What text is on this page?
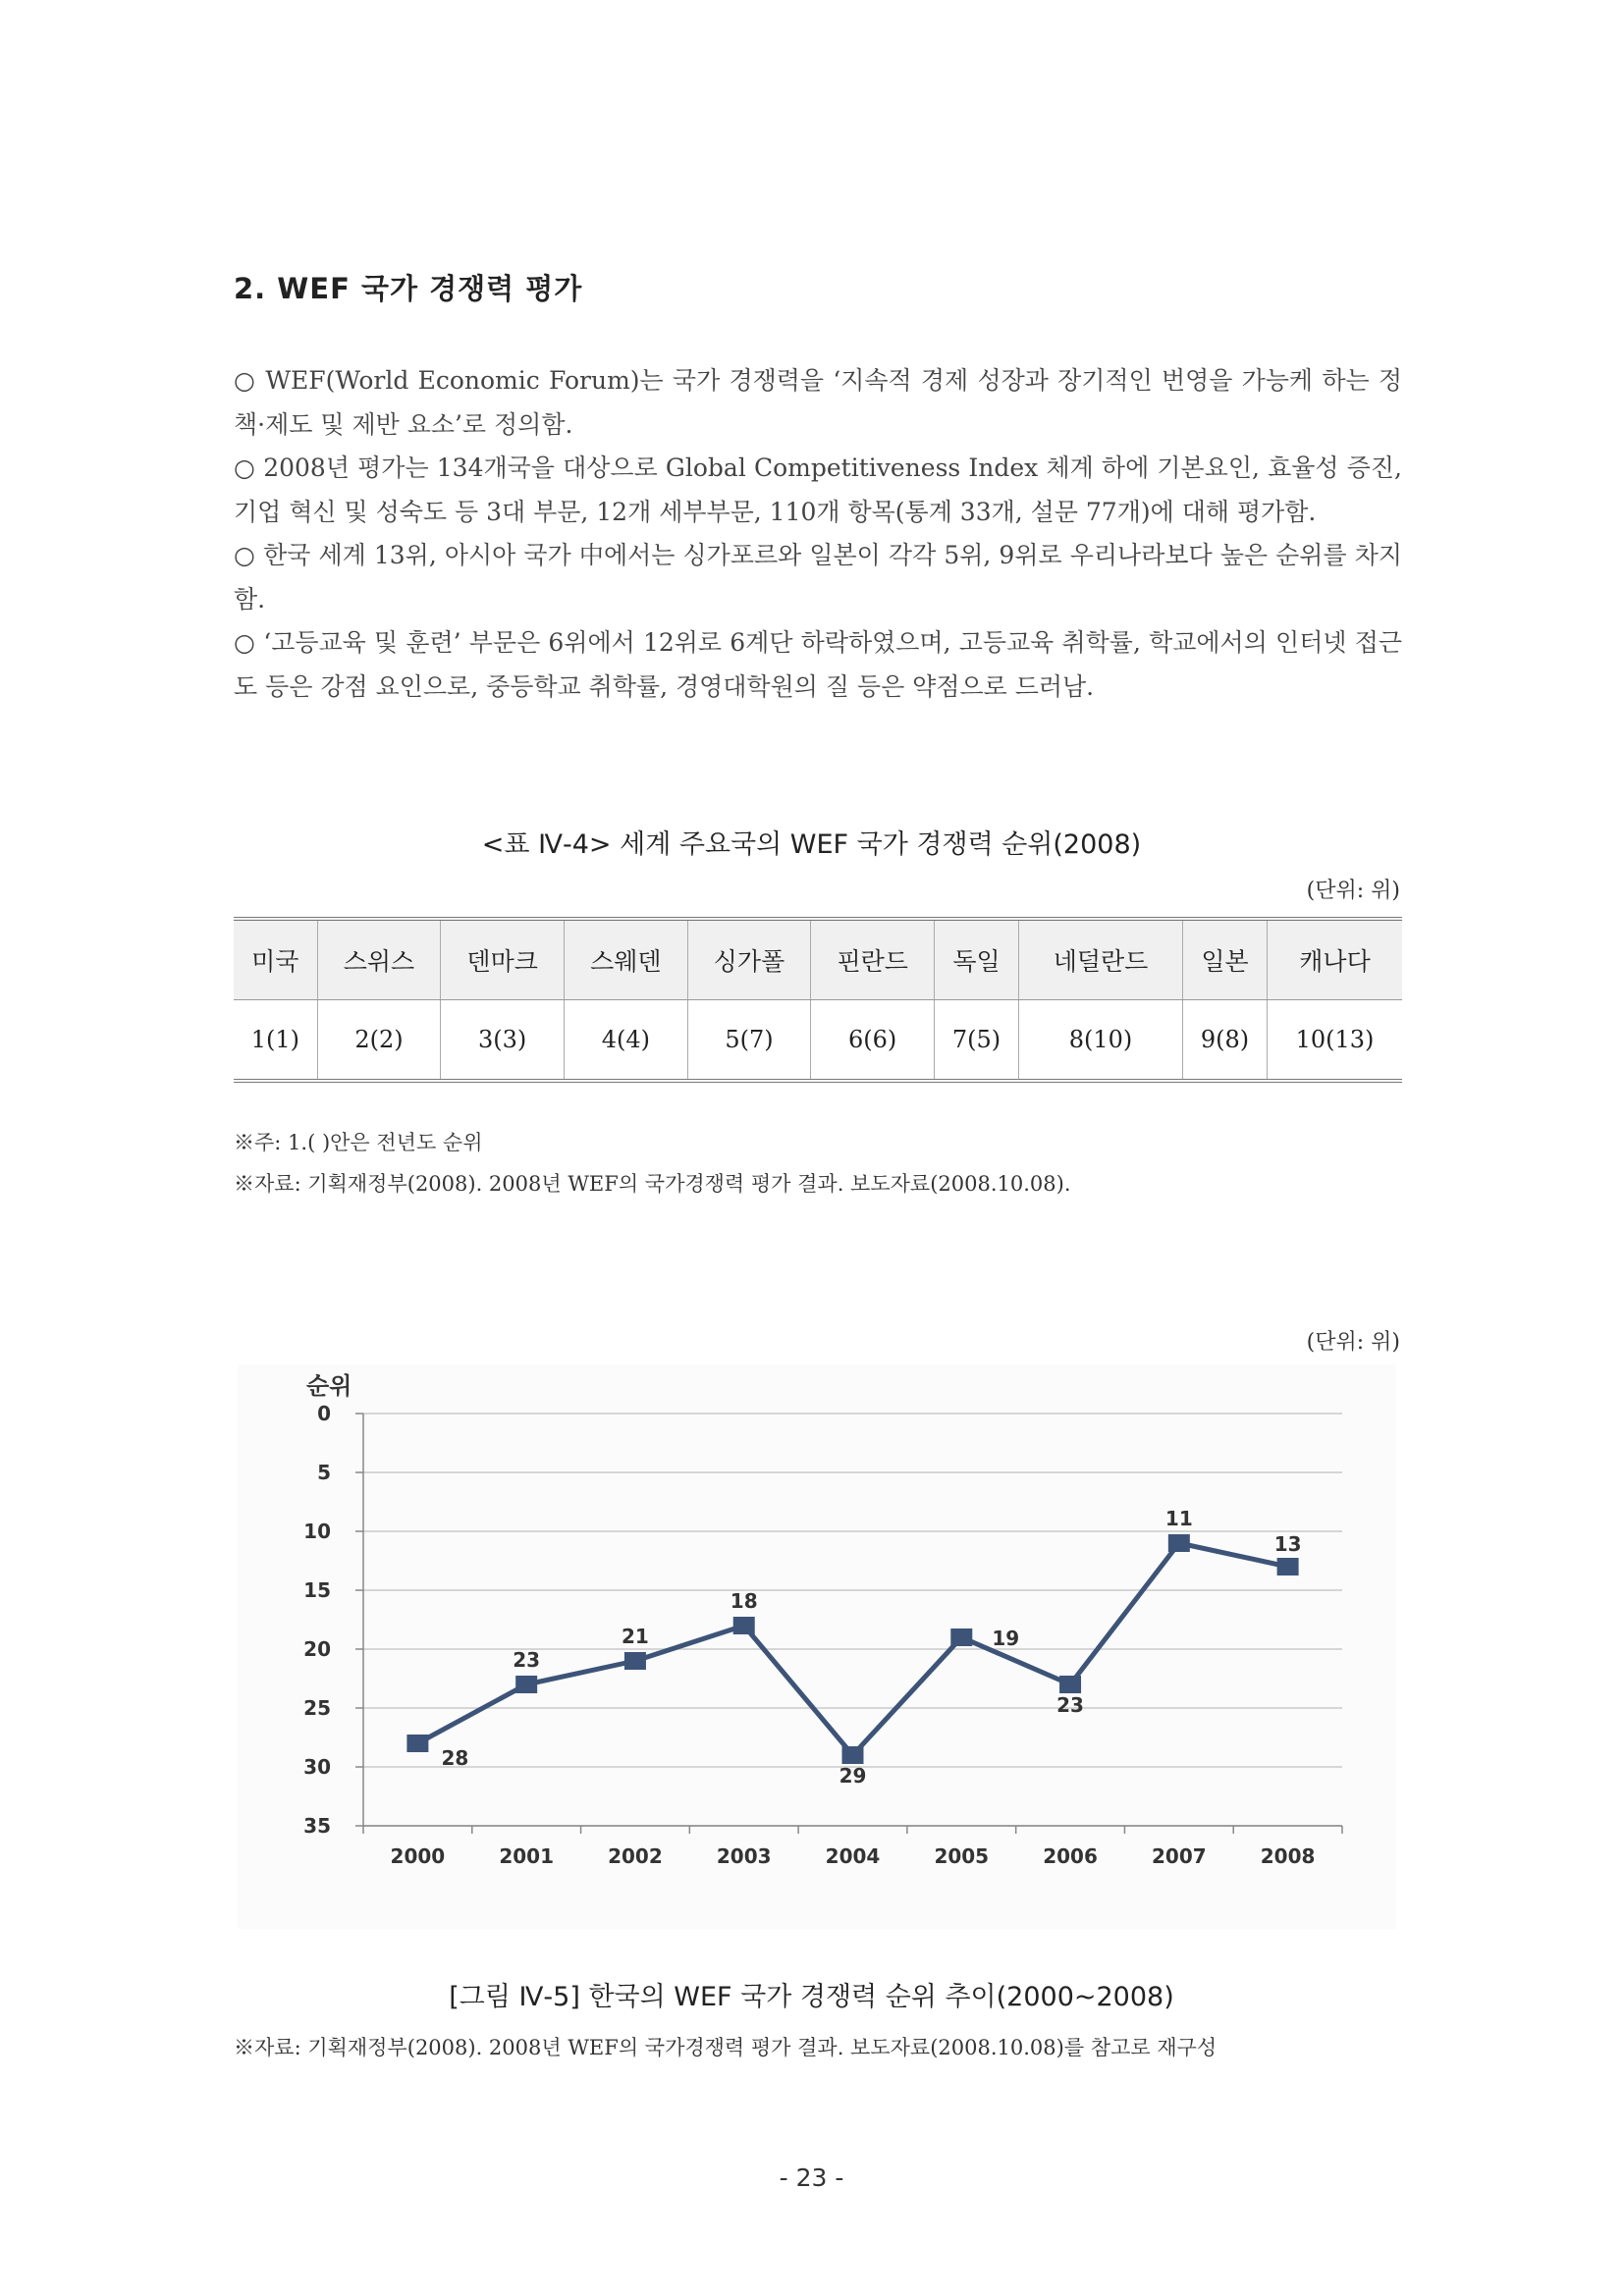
2. WEF 국가 경쟁력 평가

○ WEF(World Economic Forum)는 국가 경쟁력을 ‘지속적 경제 성장과 장기적인 번영을 가능케 하는 정책·제도 및 제반 요소’로 정의함.

○ 2008년 평가는 134개국을 대상으로 Global Competitiveness Index 체계 하에 기본요인, 효율성 증진, 기업 혁신 및 성숙도 등 3대 부문, 12개 세부부문, 110개 항목(통계 33개, 설문 77개)에 대해 평가함.

○ 한국 세계 13위, 아시아 국가 中에서는 싱가포르와 일본이 각각 5위, 9위로 우리나라보다 높은 순위를 차지함.

○ ‘고등교육 및 훈련’ 부문은 6위에서 12위로 6계단 하락하였으며, 고등교육 취학률, 학교에서의 인터넷 접근도 등은 강점 요인으로, 중등학교 취학률, 경영대학원의 질 등은 약점으로 드러남.

<표 Ⅳ-4> 세계 주요국의 WEF 국가 경쟁력 순위(2008)

(단위: 위)
미국	스위스	덴마크	스웨덴	싱가폴	핀란드	독일	네덜란드	일본	캐나다
1(1)	2(2)	3(3)	4(4)	5(7)	6(6)	7(5)	8(10)	9(8)	10(13)
※주: 1.( )안은 전년도 순위
※자료: 기획재정부(2008). 2008년 WEF의 국가경쟁력 평가 결과. 보도자료(2008.10.08).
(단위: 위)
0
5
10
15
20
25
30
35
순위
2000	2001	2002	2003	2004	2005	2006	2007	2008
28
23
21
18
29
19
23
11
13

[그림 Ⅳ-5] 한국의 WEF 국가 경쟁력 순위 추이(2000~2008)

※자료: 기획재정부(2008). 2008년 WEF의 국가경쟁력 평가 결과. 보도자료(2008.10.08)를 참고로 재구성
- 23 -
